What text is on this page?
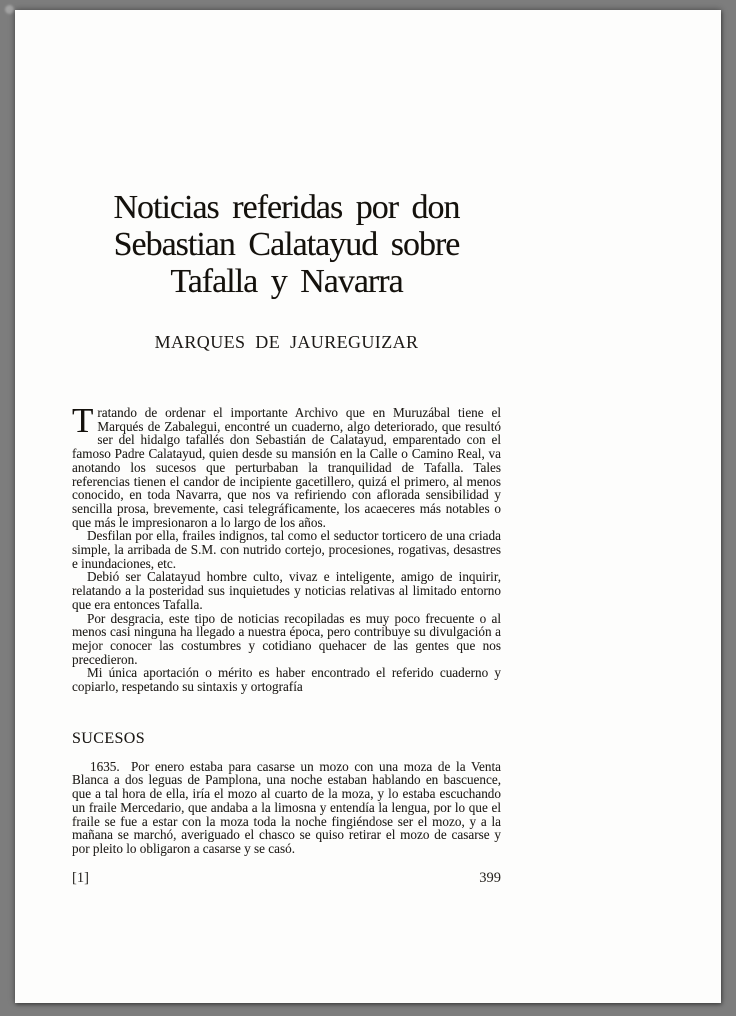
Noticias referidas por don
Sebastian Calatayud sobre
Tafalla y Navarra
MARQUES DE JAUREGUIZAR

Tratando de ordenar el importante Archivo que en Muruzábal tiene el Marqués de Zabalegui, encontré un cuaderno, algo deteriorado, que resultó ser del hidalgo tafallés don Sebastián de Calatayud, emparentado con el famoso Padre Calatayud, quien desde su mansión en la Calle o Camino Real, va anotando los sucesos que perturbaban la tranquilidad de Tafalla. Tales referencias tienen el candor de incipiente gacetillero, quizá el primero, al menos conocido, en toda Navarra, que nos va refiriendo con aflorada sensibilidad y sencilla prosa, brevemente, casi telegráficamente, los acaeceres más notables o que más le impresionaron a lo largo de los años.

Desfilan por ella, frailes indignos, tal como el seductor torticero de una criada simple, la arribada de S.M. con nutrido cortejo, procesiones, rogativas, desastres e inundaciones, etc.

Debió ser Calatayud hombre culto, vivaz e inteligente, amigo de inquirir, relatando a la posteridad sus inquietudes y noticias relativas al limitado entorno que era entonces Tafalla.

Por desgracia, este tipo de noticias recopiladas es muy poco frecuente o al menos casi ninguna ha llegado a nuestra época, pero contribuye su divulgación a mejor conocer las costumbres y cotidiano quehacer de las gentes que nos precedieron.

Mi única aportación o mérito es haber encontrado el referido cuaderno y copiarlo, respetando su sintaxis y ortografía

SUCESOS

1635.  Por enero estaba para casarse un mozo con una moza de la Venta Blanca a dos leguas de Pamplona, una noche estaban hablando en bascuence, que a tal hora de ella, iría el mozo al cuarto de la moza, y lo estaba escuchando un fraile Mercedario, que andaba a la limosna y entendía la lengua, por lo que el fraile se fue a estar con la moza toda la noche fingiéndose ser el mozo, y a la mañana se marchó, averiguado el chasco se quiso retirar el mozo de casarse y por pleito lo obligaron a casarse y se casó.

[1]	399
